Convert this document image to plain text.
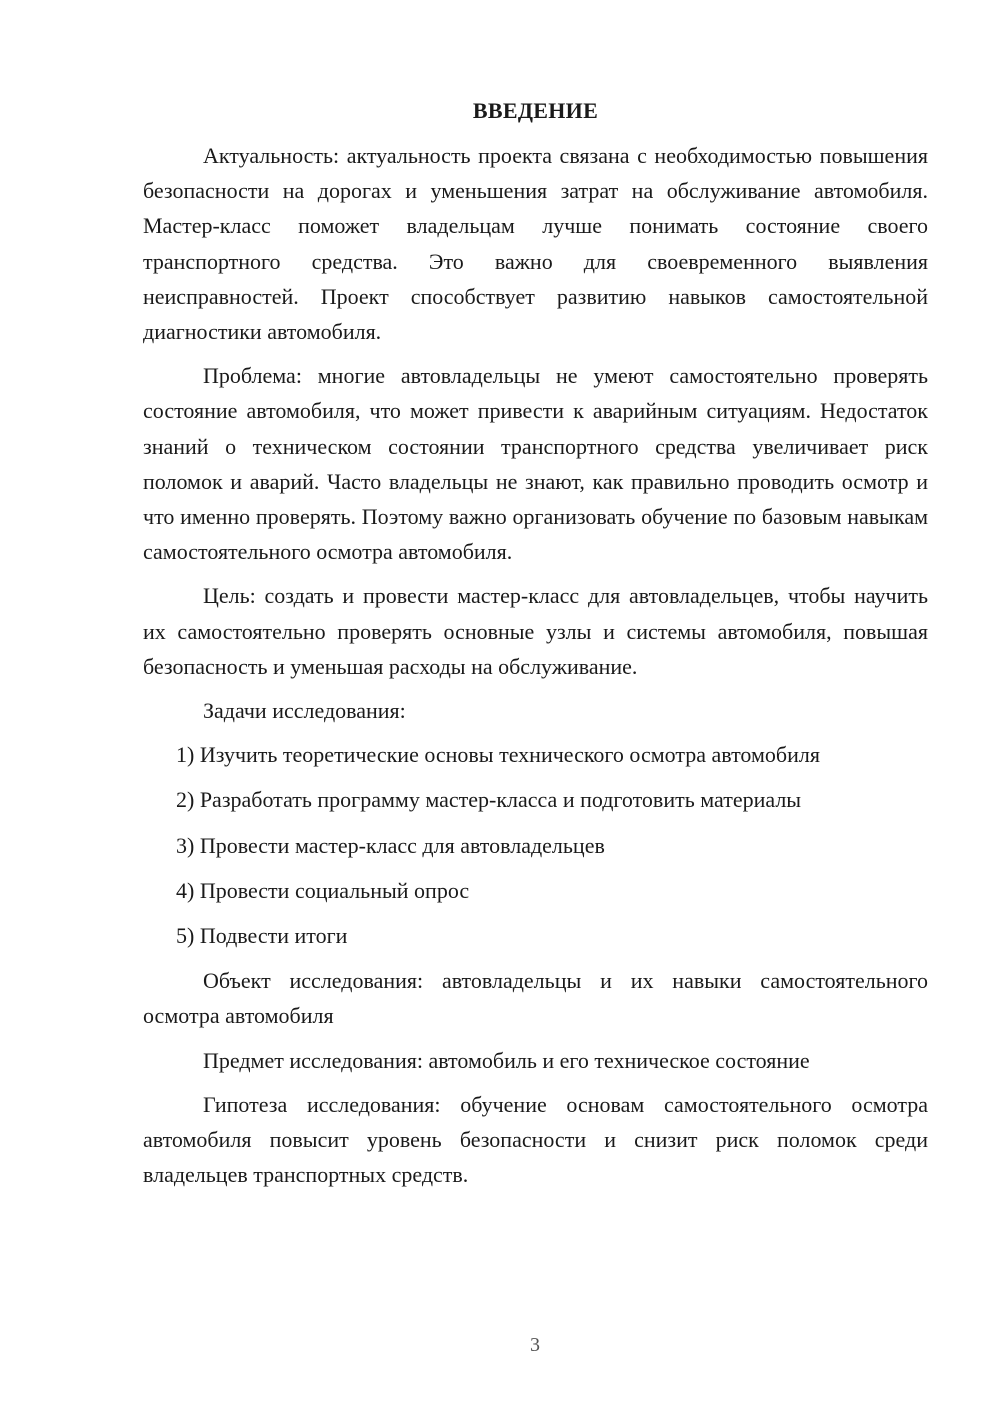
ВВЕДЕНИЕ

Актуальность: актуальность проекта связана с необходимостью повышения безопасности на дорогах и уменьшения затрат на обслуживание автомобиля. Мастер-класс поможет владельцам лучше понимать состояние своего транспортного средства. Это важно для своевременного выявления неисправностей. Проект способствует развитию навыков самостоятельной диагностики автомобиля.

Проблема: многие автовладельцы не умеют самостоятельно проверять состояние автомобиля, что может привести к аварийным ситуациям. Недостаток знаний о техническом состоянии транспортного средства увеличивает риск поломок и аварий. Часто владельцы не знают, как правильно проводить осмотр и что именно проверять. Поэтому важно организовать обучение по базовым навыкам самостоятельного осмотра автомобиля.

Цель: создать и провести мастер-класс для автовладельцев, чтобы научить их самостоятельно проверять основные узлы и системы автомобиля, повышая безопасность и уменьшая расходы на обслуживание.

Задачи исследования:

1) Изучить теоретические основы технического осмотра автомобиля
2) Разработать программу мастер-класса и подготовить материалы
3) Провести мастер-класс для автовладельцев
4) Провести социальный опрос
5) Подвести итоги

Объект исследования: автовладельцы и их навыки самостоятельного осмотра автомобиля

Предмет исследования: автомобиль и его техническое состояние

Гипотеза исследования: обучение основам самостоятельного осмотра автомобиля повысит уровень безопасности и снизит риск поломок среди владельцев транспортных средств.

3
